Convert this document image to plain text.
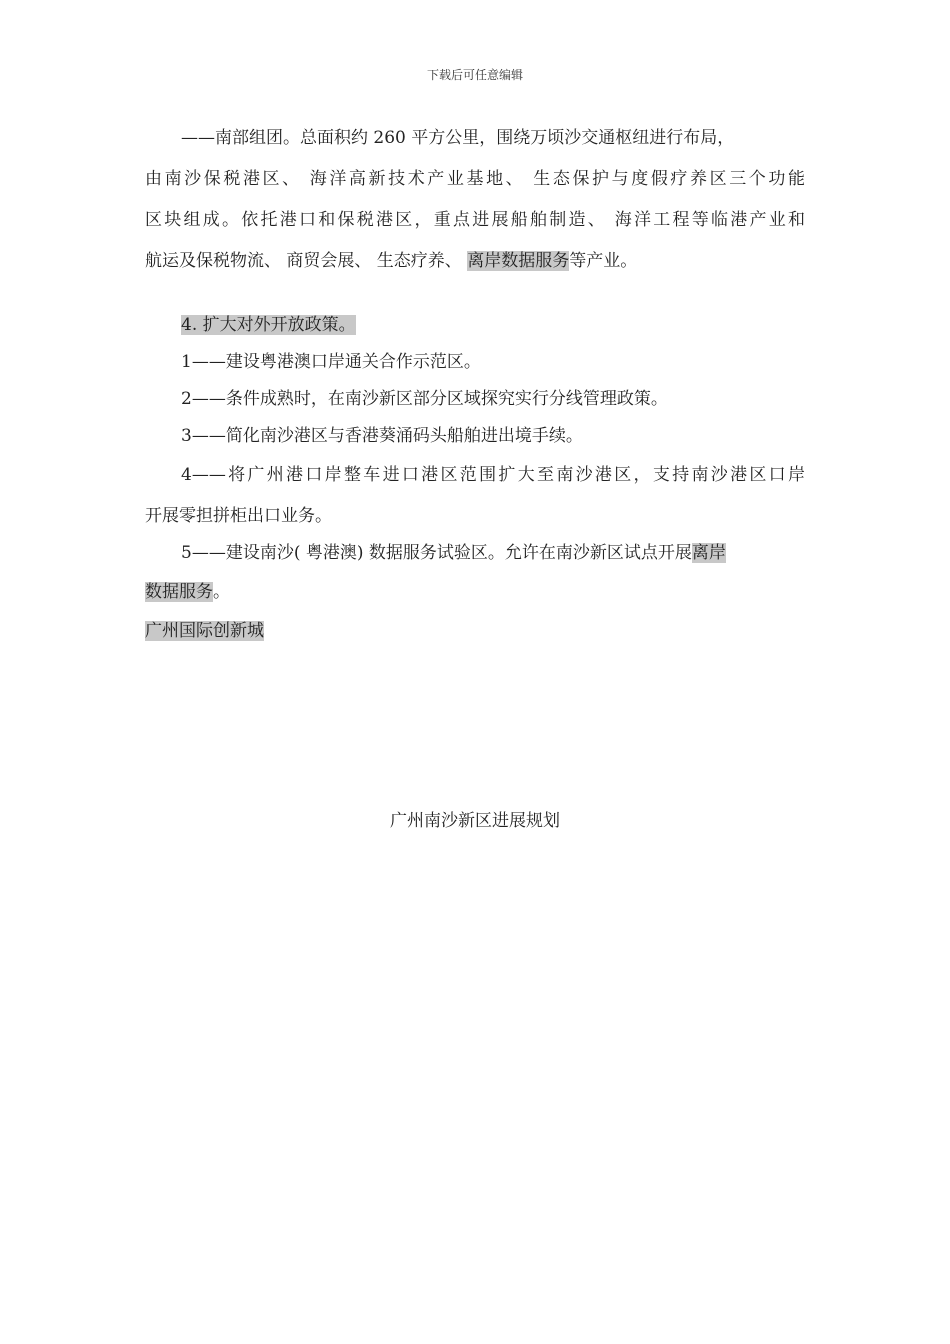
下载后可任意编辑
——南部组团。总面积约 260 平方公里，围绕万顷沙交通枢纽进行布局，
由南沙保税港区、 海洋高新技术产业基地、 生态保护与度假疗养区三个功能
区块组成。依托港口和保税港区，重点进展船舶制造、 海洋工程等临港产业和
航运及保税物流、 商贸会展、 生态疗养、 离岸数据服务等产业。
4. 扩大对外开放政策。
1——建设粤港澳口岸通关合作示范区。
2——条件成熟时，在南沙新区部分区域探究实行分线管理政策。
3——简化南沙港区与香港葵涌码头船舶进出境手续。
4——将广州港口岸整车进口港区范围扩大至南沙港区，支持南沙港区口岸
开展零担拼柜出口业务。
5——建设南沙( 粤港澳) 数据服务试验区。允许在南沙新区试点开展离岸
数据服务。
广州国际创新城
广州南沙新区进展规划
